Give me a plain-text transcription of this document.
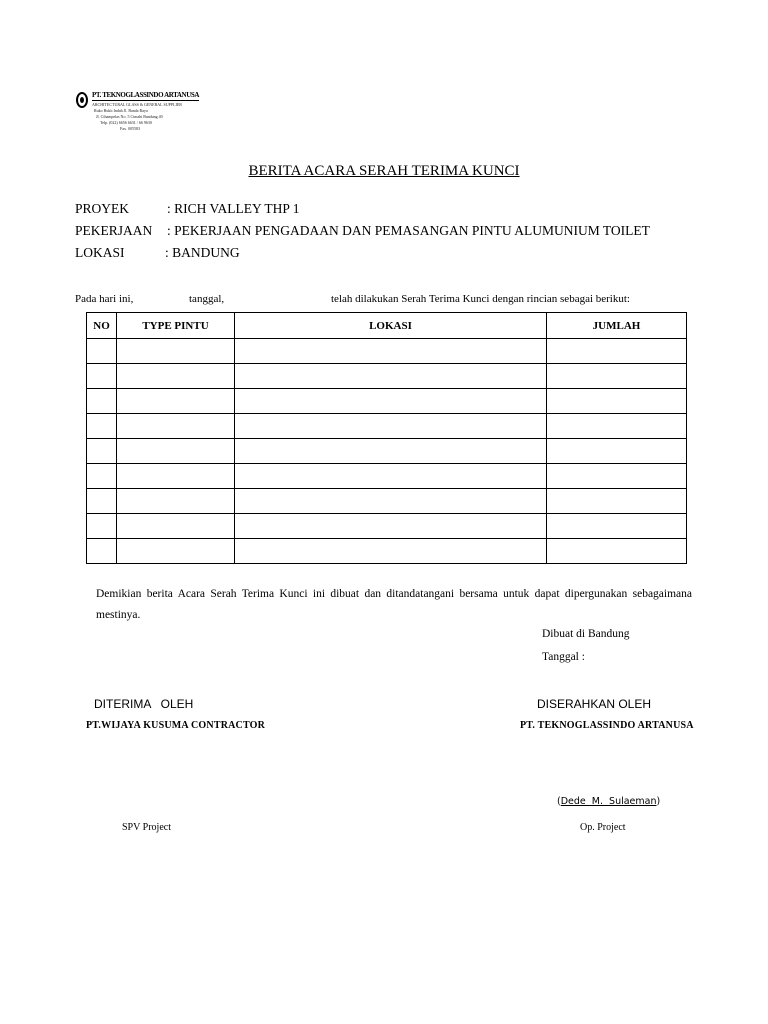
PT. TEKNOGLASSINDO ARTANUSA
ARCHITECTURAL GLASS & GENERAL SUPPLIER
Ruko Bukit Indah Jl. Banda Raya
Jl. Cihampelas No. 5 Cimahi Bandung 40
Telp. (022) 6656 6631 / 66 9630
Fax. 005583
BERITA ACARA SERAH TERIMA KUNCI
PROYEK	: RICH VALLEY THP 1
PEKERJAAN : PEKERJAAN PENGADAAN DAN PEMASANGAN PINTU ALUMUNIUM TOILET
LOKASI	: BANDUNG
Pada hari ini,	tanggal,	telah dilakukan Serah Terima Kunci dengan rincian sebagai berikut:
NO	TYPE PINTU	LOKASI	JUMLAH

Demikian berita Acara Serah Terima Kunci ini dibuat dan ditandatangani bersama untuk dapat dipergunakan sebagaimana mestinya.
Dibuat di Bandung
Tanggal :
DITERIMA   OLEH	DISERAHKAN OLEH
PT.WIJAYA KUSUMA CONTRACTOR	PT. TEKNOGLASSINDO ARTANUSA
(Dede  M.  Sulaeman)
SPV Project	Op. Project
